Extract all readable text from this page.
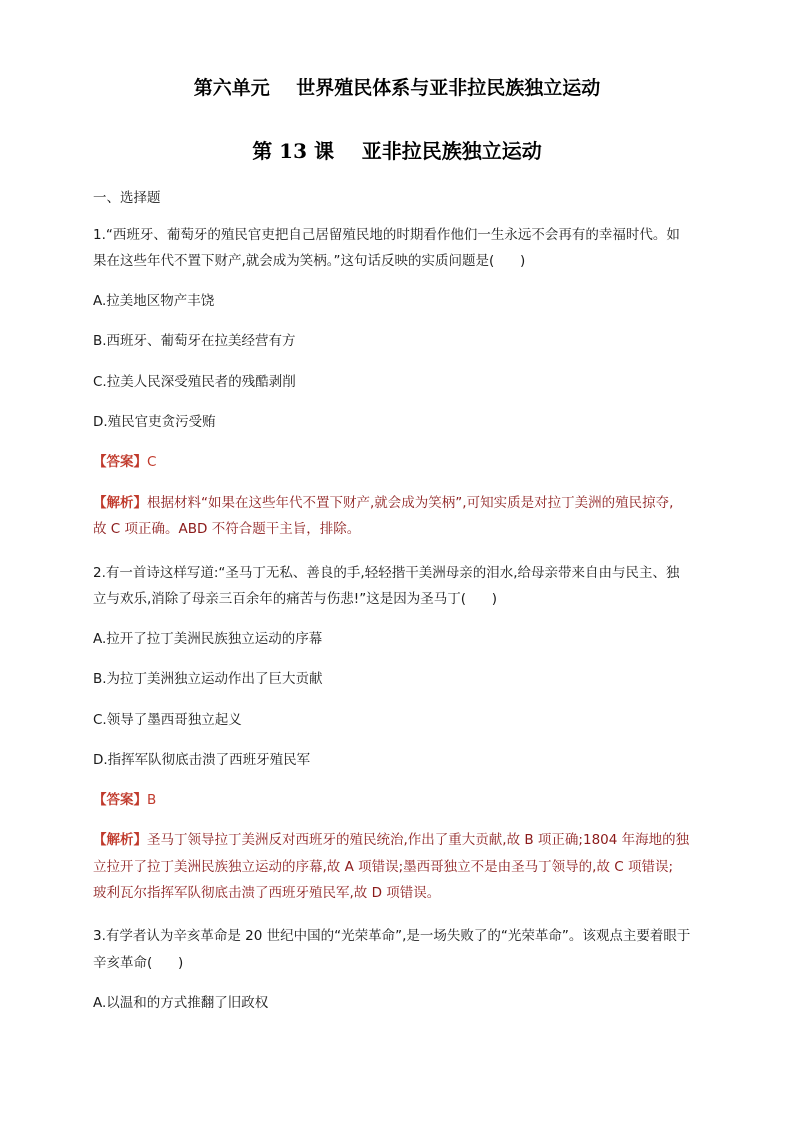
第六单元    世界殖民体系与亚非拉民族独立运动
第 13 课    亚非拉民族独立运动
一、选择题
1.“西班牙、葡萄牙的殖民官吏把自己居留殖民地的时期看作他们一生永远不会再有的幸福时代。如
果在这些年代不置下财产,就会成为笑柄。”这句话反映的实质问题是(      )
A.拉美地区物产丰饶
B.西班牙、葡萄牙在拉美经营有方
C.拉美人民深受殖民者的残酷剥削
D.殖民官吏贪污受贿
【答案】C
【解析】根据材料“如果在这些年代不置下财产,就会成为笑柄”,可知实质是对拉丁美洲的殖民掠夺,
故 C 项正确。ABD 不符合题干主旨，排除。
2.有一首诗这样写道:“圣马丁无私、善良的手,轻轻揩干美洲母亲的泪水,给母亲带来自由与民主、独
立与欢乐,消除了母亲三百余年的痛苦与伤悲!”这是因为圣马丁(      )
A.拉开了拉丁美洲民族独立运动的序幕
B.为拉丁美洲独立运动作出了巨大贡献
C.领导了墨西哥独立起义
D.指挥军队彻底击溃了西班牙殖民军
【答案】B
【解析】圣马丁领导拉丁美洲反对西班牙的殖民统治,作出了重大贡献,故 B 项正确;1804 年海地的独
立拉开了拉丁美洲民族独立运动的序幕,故 A 项错误;墨西哥独立不是由圣马丁领导的,故 C 项错误;
玻利瓦尔指挥军队彻底击溃了西班牙殖民军,故 D 项错误。
3.有学者认为辛亥革命是 20 世纪中国的“光荣革命”,是一场失败了的“光荣革命”。该观点主要着眼于
辛亥革命(      )
A.以温和的方式推翻了旧政权
